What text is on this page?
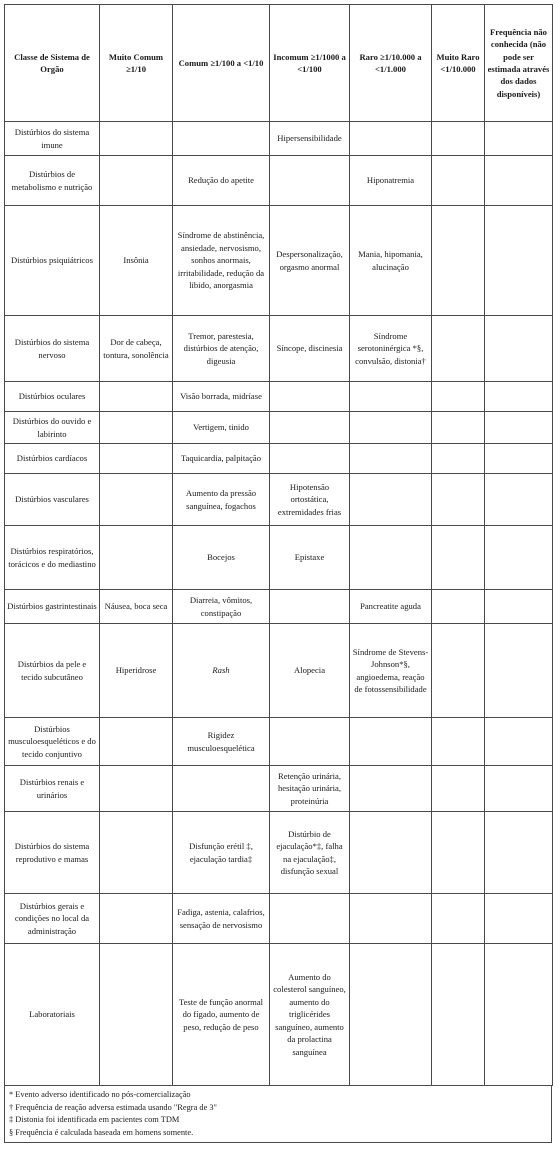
Classe de Sistema de Orgão	Muito Comum ≥1/10	Comum ≥1/100 a <1/10	Incomum ≥1/1000 a <1/100	Raro ≥1/10.000 a <1/1.000	Muito Raro <1/10.000	Frequência não conhecida (não pode ser estimada através dos dados disponíveis)
Distúrbios do sistema imune			Hipersensibilidade			
Distúrbios de metabolismo e nutrição		Redução do apetite		Hiponatremia		
Distúrbios psiquiátricos	Insônia	Síndrome de abstinência, ansiedade, nervosismo, sonhos anormais, irritabilidade, redução da libido, anorgasmia	Despersonalização, orgasmo anormal	Mania, hipomania, alucinação		
Distúrbios do sistema nervoso	Dor de cabeça, tontura, sonolência	Tremor, parestesia, distúrbios de atenção, digeusia	Síncope, discinesia	Síndrome serotoninérgica *§, convulsão, distonia†		
Distúrbios oculares		Visão borrada, midríase				
Distúrbios do ouvido e labirinto		Vertigem, tinido				
Distúrbios cardíacos		Taquicardia, palpitação				
Distúrbios vasculares		Aumento da pressão sanguínea, fogachos	Hipotensão ortostática, extremidades frias			
Distúrbios respiratórios, torácicos e do mediastino		Bocejos	Epistaxe			
Distúrbios gastrintestinais	Náusea, boca seca	Diarreia, vômitos, constipação		Pancreatite aguda		
Distúrbios da pele e tecido subcutâneo	Hiperidrose	Rash	Alopecia	Síndrome de Stevens-Johnson*§, angioedema, reação de fotossensibilidade		
Distúrbios musculoesqueléticos e do tecido conjuntivo		Rigidez musculoesquelética				
Distúrbios renais e urinários			Retenção urinária, hesitação urinária, proteinúria			
Distúrbios do sistema reprodutivo e mamas		Disfunção erétil ‡, ejaculação tardia‡	Distúrbio de ejaculação*‡, falha na ejaculação‡, disfunção sexual			
Distúrbios gerais e condições no local da administração		Fadiga, astenia, calafrios, sensação de nervosismo				
Laboratoriais		Teste de função anormal do fígado, aumento de peso, redução de peso	Aumento do colesterol sanguíneo, aumento do triglicérides sanguíneo, aumento da prolactina sanguínea			
* Evento adverso identificado no pós-comercialização
† Frequência de reação adversa estimada usando "Regra de 3"
‡ Distonia foi identificada em pacientes com TDM
§ Frequência é calculada baseada em homens somente.
